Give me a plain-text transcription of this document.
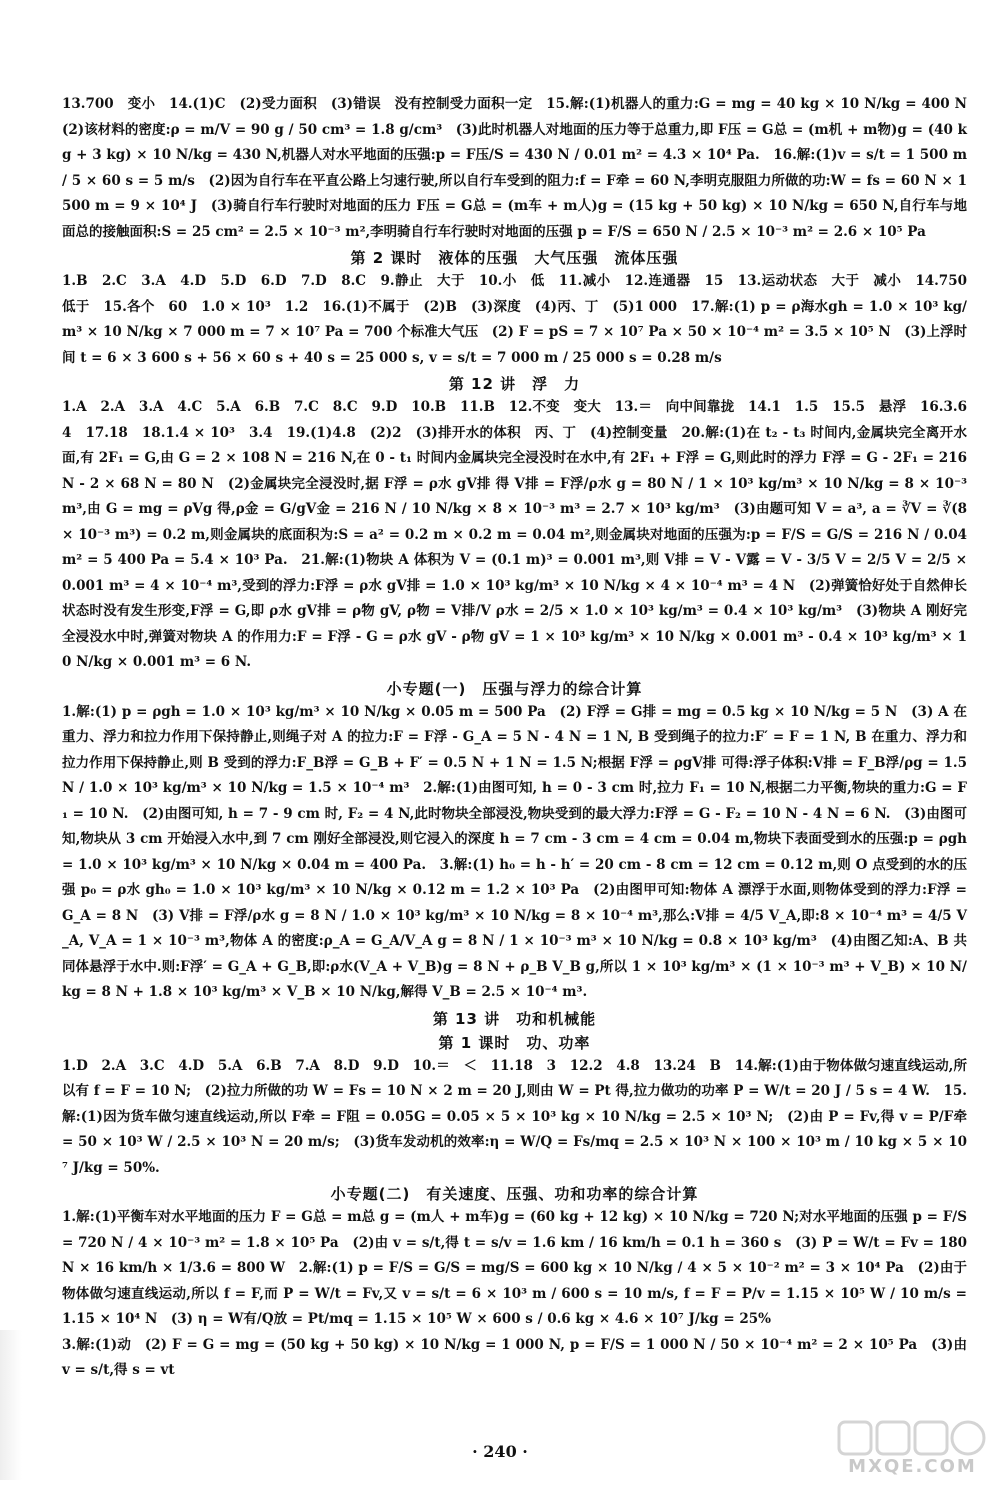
13.700　变小　14.(1)C　(2)受力面积　(3)错误　没有控制受力面积一定　15.解:(1)机器人的重力:G = mg = 40 kg × 10 N/kg = 400 N　(2)该材料的密度:ρ = m/V = 90 g / 50 cm³ = 1.8 g/cm³　(3)此时机器人对地面的压力等于总重力,即 F压 = G总 = (m机 + m物)g = (40 kg + 3 kg) × 10 N/kg = 430 N,机器人对水平地面的压强:p = F压/S = 430 N / 0.01 m² = 4.3 × 10⁴ Pa.　16.解:(1)v = s/t = 1 500 m / 5 × 60 s = 5 m/s　(2)因为自行车在平直公路上匀速行驶,所以自行车受到的阻力:f = F牵 = 60 N,李明克服阻力所做的功:W = fs = 60 N × 1 500 m = 9 × 10⁴ J　(3)骑自行车行驶时对地面的压力 F压 = G总 = (m车 + m人)g = (15 kg + 50 kg) × 10 N/kg = 650 N,自行车与地面总的接触面积:S = 25 cm² = 2.5 × 10⁻³ m²,李明骑自行车行驶时对地面的压强 p = F/S = 650 N / 2.5 × 10⁻³ m² = 2.6 × 10⁵ Pa

第 2 课时　液体的压强　大气压强　流体压强

1.B　2.C　3.A　4.D　5.D　6.D　7.D　8.C　9.静止　大于　10.小　低　11.减小　12.连通器　15　13.运动状态　大于　减小　14.750　低于　15.各个　60　1.0 × 10³　1.2　16.(1)不属于　(2)B　(3)深度　(4)丙、丁　(5)1 000　17.解:(1) p = ρ海水gh = 1.0 × 10³ kg/m³ × 10 N/kg × 7 000 m = 7 × 10⁷ Pa = 700 个标准大气压　(2) F = pS = 7 × 10⁷ Pa × 50 × 10⁻⁴ m² = 3.5 × 10⁵ N　(3)上浮时间 t = 6 × 3 600 s + 56 × 60 s + 40 s = 25 000 s, v = s/t = 7 000 m / 25 000 s = 0.28 m/s

第 12 讲　浮　力

1.A　2.A　3.A　4.C　5.A　6.B　7.C　8.C　9.D　10.B　11.B　12.不变　变大　13.＝　向中间靠拢　14.1　1.5　15.5　悬浮　16.3.6　4　17.18　18.1.4 × 10³　3.4　19.(1)4.8　(2)2　(3)排开水的体积　丙、丁　(4)控制变量　20.解:(1)在 t₂ - t₃ 时间内,金属块完全离开水面,有 2F₁ = G,由 G = 2 × 108 N = 216 N,在 0 - t₁ 时间内金属块完全浸没时在水中,有 2F₁ + F浮 = G,则此时的浮力 F浮 = G - 2F₁ = 216 N - 2 × 68 N = 80 N　(2)金属块完全浸没时,据 F浮 = ρ水 gV排 得 V排 = F浮/ρ水 g = 80 N / 1 × 10³ kg/m³ × 10 N/kg = 8 × 10⁻³ m³,由 G = mg = ρVg 得,ρ金 = G/gV金 = 216 N / 10 N/kg × 8 × 10⁻³ m³ = 2.7 × 10³ kg/m³　(3)由题可知 V = a³, a = ∛V = ∛(8 × 10⁻³ m³) = 0.2 m,则金属块的底面积为:S = a² = 0.2 m × 0.2 m = 0.04 m²,则金属块对地面的压强为:p = F/S = G/S = 216 N / 0.04 m² = 5 400 Pa = 5.4 × 10³ Pa.　21.解:(1)物块 A 体积为 V = (0.1 m)³ = 0.001 m³,则 V排 = V - V露 = V - 3/5 V = 2/5 V = 2/5 × 0.001 m³ = 4 × 10⁻⁴ m³,受到的浮力:F浮 = ρ水 gV排 = 1.0 × 10³ kg/m³ × 10 N/kg × 4 × 10⁻⁴ m³ = 4 N　(2)弹簧恰好处于自然伸长状态时没有发生形变,F浮 = G,即 ρ水 gV排 = ρ物 gV, ρ物 = V排/V ρ水 = 2/5 × 1.0 × 10³ kg/m³ = 0.4 × 10³ kg/m³　(3)物块 A 刚好完全浸没水中时,弹簧对物块 A 的作用力:F = F浮 - G = ρ水 gV - ρ物 gV = 1 × 10³ kg/m³ × 10 N/kg × 0.001 m³ - 0.4 × 10³ kg/m³ × 10 N/kg × 0.001 m³ = 6 N.

小专题(一)　压强与浮力的综合计算

1.解:(1) p = ρgh = 1.0 × 10³ kg/m³ × 10 N/kg × 0.05 m = 500 Pa　(2) F浮 = G排 = mg = 0.5 kg × 10 N/kg = 5 N　(3) A 在重力、浮力和拉力作用下保持静止,则绳子对 A 的拉力:F = F浮 - G_A = 5 N - 4 N = 1 N, B 受到绳子的拉力:F′ = F = 1 N, B 在重力、浮力和拉力作用下保持静止,则 B 受到的浮力:F_B浮 = G_B + F′ = 0.5 N + 1 N = 1.5 N;根据 F浮 = ρgV排 可得:浮子体积:V排 = F_B浮/ρg = 1.5 N / 1.0 × 10³ kg/m³ × 10 N/kg = 1.5 × 10⁻⁴ m³　2.解:(1)由图可知, h = 0 - 3 cm 时,拉力 F₁ = 10 N,根据二力平衡,物块的重力:G = F₁ = 10 N.　(2)由图可知, h = 7 - 9 cm 时, F₂ = 4 N,此时物块全部浸没,物块受到的最大浮力:F浮 = G - F₂ = 10 N - 4 N = 6 N.　(3)由图可知,物块从 3 cm 开始浸入水中,到 7 cm 刚好全部浸没,则它浸入的深度 h = 7 cm - 3 cm = 4 cm = 0.04 m,物块下表面受到水的压强:p = ρgh = 1.0 × 10³ kg/m³ × 10 N/kg × 0.04 m = 400 Pa.　3.解:(1) h₀ = h - h′ = 20 cm - 8 cm = 12 cm = 0.12 m,则 O 点受到的水的压强 p₀ = ρ水 gh₀ = 1.0 × 10³ kg/m³ × 10 N/kg × 0.12 m = 1.2 × 10³ Pa　(2)由图甲可知:物体 A 漂浮于水面,则物体受到的浮力:F浮 = G_A = 8 N　(3) V排 = F浮/ρ水 g = 8 N / 1.0 × 10³ kg/m³ × 10 N/kg = 8 × 10⁻⁴ m³,那么:V排 = 4/5 V_A,即:8 × 10⁻⁴ m³ = 4/5 V_A, V_A = 1 × 10⁻³ m³,物体 A 的密度:ρ_A = G_A/V_A g = 8 N / 1 × 10⁻³ m³ × 10 N/kg = 0.8 × 10³ kg/m³　(4)由图乙知:A、B 共同体悬浮于水中.则:F浮′ = G_A + G_B,即:ρ水(V_A + V_B)g = 8 N + ρ_B V_B g,所以 1 × 10³ kg/m³ × (1 × 10⁻³ m³ + V_B) × 10 N/kg = 8 N + 1.8 × 10³ kg/m³ × V_B × 10 N/kg,解得 V_B = 2.5 × 10⁻⁴ m³.

第 13 讲　功和机械能
第 1 课时　功、功率

1.D　2.A　3.C　4.D　5.A　6.B　7.A　8.D　9.D　10.＝　＜　11.18　3　12.2　4.8　13.24　B　14.解:(1)由于物体做匀速直线运动,所以有 f = F = 10 N;　(2)拉力所做的功 W = Fs = 10 N × 2 m = 20 J,则由 W = Pt 得,拉力做功的功率 P = W/t = 20 J / 5 s = 4 W.　15.解:(1)因为货车做匀速直线运动,所以 F牵 = F阻 = 0.05G = 0.05 × 5 × 10³ kg × 10 N/kg = 2.5 × 10³ N;　(2)由 P = Fv,得 v = P/F牵 = 50 × 10³ W / 2.5 × 10³ N = 20 m/s;　(3)货车发动机的效率:η = W/Q = Fs/mq = 2.5 × 10³ N × 100 × 10³ m / 10 kg × 5 × 10⁷ J/kg = 50%.

小专题(二)　有关速度、压强、功和功率的综合计算

1.解:(1)平衡车对水平地面的压力 F = G总 = m总 g = (m人 + m车)g = (60 kg + 12 kg) × 10 N/kg = 720 N;对水平地面的压强 p = F/S = 720 N / 4 × 10⁻³ m² = 1.8 × 10⁵ Pa　(2)由 v = s/t,得 t = s/v = 1.6 km / 16 km/h = 0.1 h = 360 s　(3) P = W/t = Fv = 180 N × 16 km/h × 1/3.6 = 800 W　2.解:(1) p = F/S = G/S = mg/S = 600 kg × 10 N/kg / 4 × 5 × 10⁻² m² = 3 × 10⁴ Pa　(2)由于物体做匀速直线运动,所以 f = F,而 P = W/t = Fv,又 v = s/t = 6 × 10³ m / 600 s = 10 m/s, f = F = P/v = 1.15 × 10⁵ W / 10 m/s = 1.15 × 10⁴ N　(3) η = W有/Q放 = Pt/mq = 1.15 × 10⁵ W × 600 s / 0.6 kg × 4.6 × 10⁷ J/kg = 25%

3.解:(1)动　(2) F = G = mg = (50 kg + 50 kg) × 10 N/kg = 1 000 N, p = F/S = 1 000 N / 50 × 10⁻⁴ m² = 2 × 10⁵ Pa　(3)由 v = s/t,得 s = vt

· 240 ·
MXQE.COM
